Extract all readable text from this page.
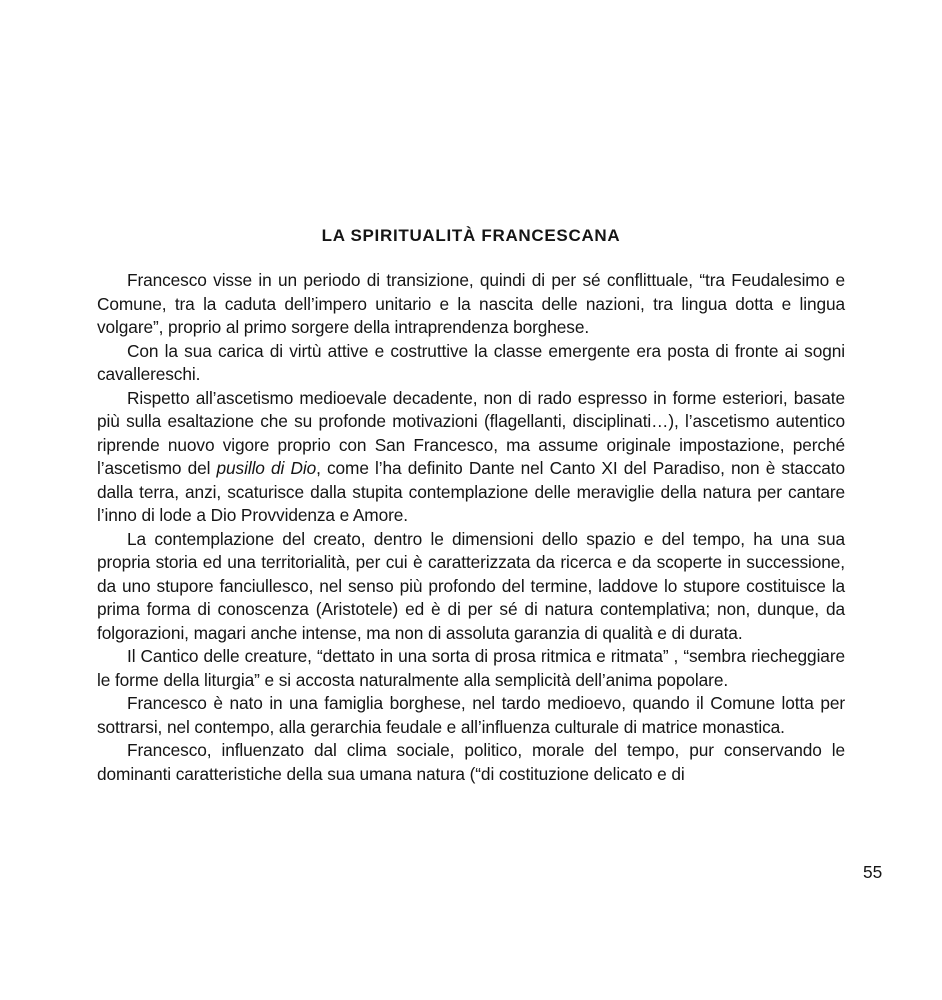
LA SPIRITUALITÀ FRANCESCANA

Francesco visse in un periodo di transizione, quindi di per sé conflittuale, “tra Feudalesimo e Comune, tra la caduta dell’impero unitario e la nascita delle nazioni, tra lingua dotta e lingua volgare”, proprio al primo sorgere della intraprendenza borghese.

Con la sua carica di virtù attive e costruttive la classe emergente era posta di fronte ai sogni cavallereschi.

Rispetto all’ascetismo medioevale decadente, non di rado espresso in forme esteriori, basate più sulla esaltazione che su profonde motivazioni (flagellanti, disciplinati…), l’ascetismo autentico riprende nuovo vigore proprio con San Francesco, ma assume originale impostazione, perché l’ascetismo del pusillo di Dio, come l’ha definito Dante nel Canto XI del Paradiso, non è staccato dalla terra, anzi, scaturisce dalla stupita contemplazione delle meraviglie della natura per cantare l’inno di lode a Dio Provvidenza e Amore.

La contemplazione del creato, dentro le dimensioni dello spazio e del tempo, ha una sua propria storia ed una territorialità, per cui è caratterizzata da ricerca e da scoperte in successione, da uno stupore fanciullesco, nel senso più profondo del termine, laddove lo stupore costituisce la prima forma di conoscenza (Aristotele) ed è di per sé di natura contemplativa; non, dunque, da folgorazioni, magari anche intense, ma non di assoluta garanzia di qualità e di durata.

Il Cantico delle creature, “dettato in una sorta di prosa ritmica e ritmata” , “sembra riecheggiare le forme della liturgia” e si accosta naturalmente alla semplicità dell’anima popolare.

Francesco è nato in una famiglia borghese, nel tardo medioevo, quando il Comune lotta per sottrarsi, nel contempo, alla gerarchia feudale e all’influenza culturale di matrice monastica.

Francesco, influenzato dal clima sociale, politico, morale del tempo, pur conservando le dominanti caratteristiche della sua umana natura (“di costituzione delicato e di

55
